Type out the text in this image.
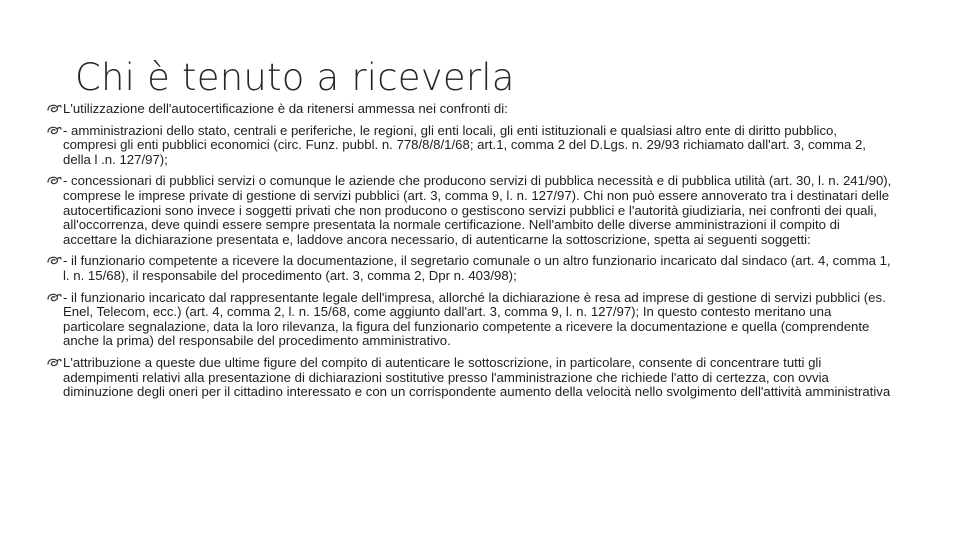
Chi è tenuto a riceverla
L'utilizzazione dell'autocertificazione è da ritenersi ammessa nei confronti di:
- amministrazioni dello stato, centrali e periferiche, le regioni, gli enti locali, gli enti istituzionali e qualsiasi altro ente di diritto pubblico, compresi gli enti pubblici economici (circ. Funz. pubbl. n. 778/8/8/1/68; art.1, comma 2 del D.Lgs. n. 29/93 richiamato dall'art. 3, comma 2, della l .n. 127/97);
- concessionari di pubblici servizi o comunque le aziende che producono servizi di pubblica necessità e di pubblica utilità (art. 30, l. n. 241/90), comprese le imprese private di gestione di servizi pubblici (art. 3, comma 9, l. n. 127/97). Chi non può essere annoverato tra i destinatari delle autocertificazioni sono invece i soggetti privati che non producono o gestiscono servizi pubblici e l'autorità giudiziaria, nei confronti dei quali, all'occorrenza, deve quindi essere sempre presentata la normale certificazione. Nell'ambito delle diverse amministrazioni il compito di accettare la dichiarazione presentata e, laddove ancora necessario, di autenticarne la sottoscrizione, spetta ai seguenti soggetti:
- il funzionario competente a ricevere la documentazione, il segretario comunale o un altro funzionario incaricato dal sindaco (art. 4, comma 1, l. n. 15/68), il responsabile del procedimento (art. 3, comma 2, Dpr n. 403/98);
- il funzionario incaricato dal rappresentante legale dell'impresa, allorché la dichiarazione è resa ad imprese di gestione di servizi pubblici (es. Enel, Telecom, ecc.) (art. 4, comma 2, l. n. 15/68, come aggiunto dall'art. 3, comma 9, l. n. 127/97); In questo contesto meritano una particolare segnalazione, data la loro rilevanza, la figura del funzionario competente a ricevere la documentazione e quella (comprendente anche la prima) del responsabile del procedimento amministrativo.
L'attribuzione a queste due ultime figure del compito di autenticare le sottoscrizione, in particolare, consente di concentrare tutti gli adempimenti relativi alla presentazione di dichiarazioni sostitutive presso l'amministrazione che richiede l'atto di certezza, con ovvia diminuzione degli oneri per il cittadino interessato e con un corrispondente aumento della velocità nello svolgimento dell'attività amministrativa
